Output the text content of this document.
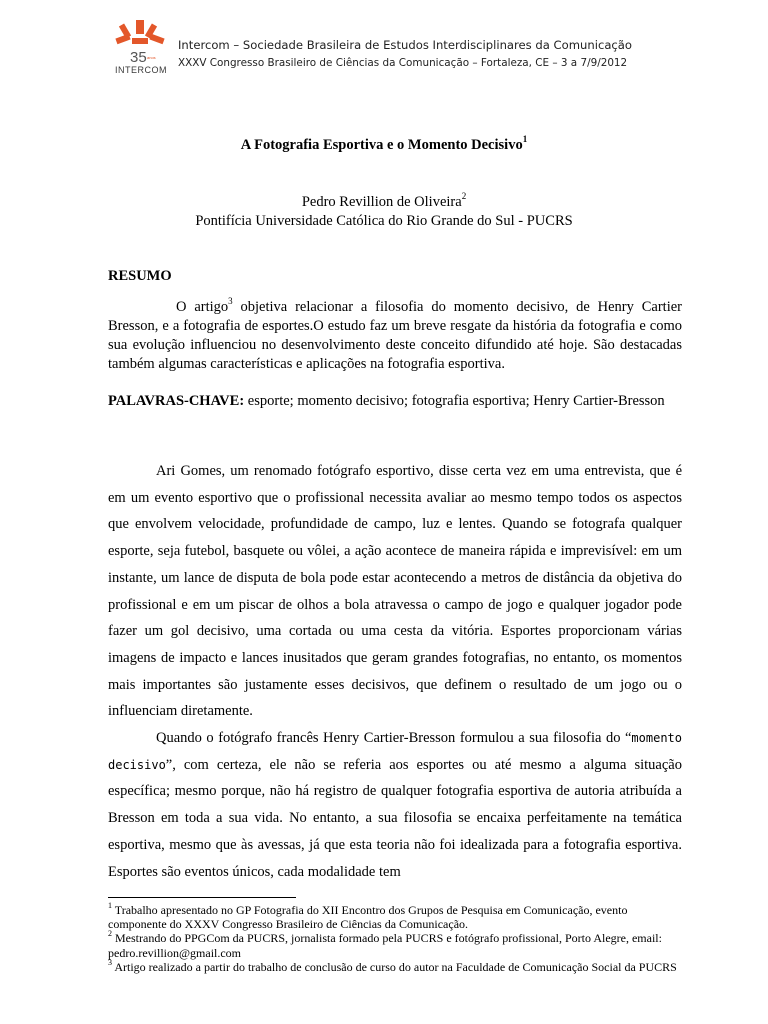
35 anos
INTERCOM
Intercom – Sociedade Brasileira de Estudos Interdisciplinares da Comunicação
XXXV Congresso Brasileiro de Ciências da Comunicação – Fortaleza, CE – 3 a 7/9/2012
A Fotografia Esportiva e o Momento Decisivo$^1$
Pedro Revillion de Oliveira$^2$
Pontifícia Universidade Católica do Rio Grande do Sul - PUCRS
RESUMO
O artigo$^3$ objetiva relacionar a filosofia do momento decisivo, de Henry Cartier Bresson, e a fotografia de esportes.O estudo faz um breve resgate da história da fotografia e como sua evolução influenciou no desenvolvimento deste conceito difundido até hoje. São destacadas também algumas características e aplicações na fotografia esportiva.
PALAVRAS-CHAVE: esporte; momento decisivo; fotografia esportiva; Henry Cartier-Bresson

Ari Gomes, um renomado fotógrafo esportivo, disse certa vez em uma entrevista, que é em um evento esportivo que o profissional necessita avaliar ao mesmo tempo todos os aspectos que envolvem velocidade, profundidade de campo, luz e lentes. Quando se fotografa qualquer esporte, seja futebol, basquete ou vôlei, a ação acontece de maneira rápida e imprevisível: em um instante, um lance de disputa de bola pode estar acontecendo a metros de distância da objetiva do profissional e em um piscar de olhos a bola atravessa o campo de jogo e qualquer jogador pode fazer um gol decisivo, uma cortada ou uma cesta da vitória. Esportes proporcionam várias imagens de impacto e lances inusitados que geram grandes fotografias, no entanto, os momentos mais importantes são justamente esses decisivos, que definem o resultado de um jogo ou o influenciam diretamente.

Quando o fotógrafo francês Henry Cartier-Bresson formulou a sua filosofia do “momento decisivo”, com certeza, ele não se referia aos esportes ou até mesmo a alguma situação específica; mesmo porque, não há registro de qualquer fotografia esportiva de autoria atribuída a Bresson em toda a sua vida. No entanto, a sua filosofia se encaixa perfeitamente na temática esportiva, mesmo que às avessas, já que esta teoria não foi idealizada para a fotografia esportiva. Esportes são eventos únicos, cada modalidade tem

$^1$ Trabalho apresentado no GP Fotografia do XII Encontro dos Grupos de Pesquisa em Comunicação, evento componente do XXXV Congresso Brasileiro de Ciências da Comunicação.
$^2$ Mestrando do PPGCom da PUCRS, jornalista formado pela PUCRS e fotógrafo profissional, Porto Alegre, email: pedro.revillion@gmail.com
$^3$ Artigo realizado a partir do trabalho de conclusão de curso do autor na Faculdade de Comunicação Social da PUCRS
